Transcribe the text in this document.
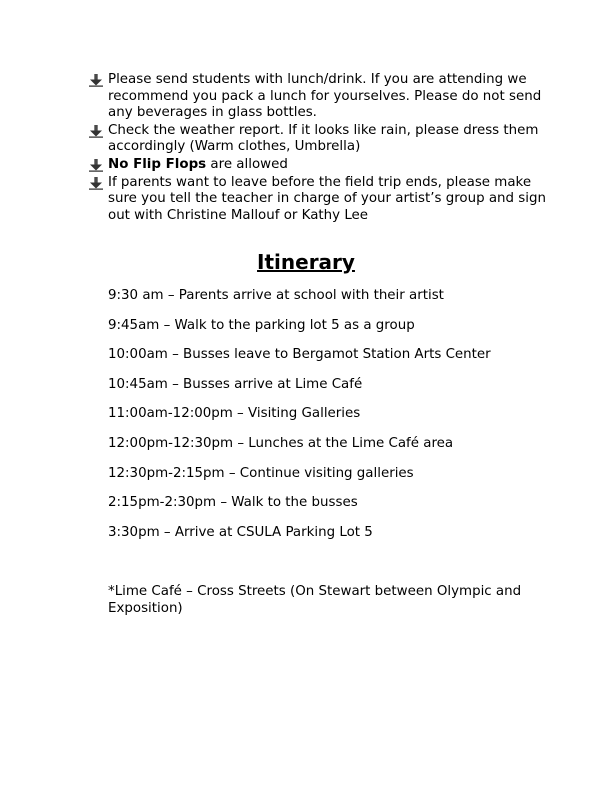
Please send students with lunch/drink. If you are attending we recommend you pack a lunch for yourselves. Please do not send any beverages in glass bottles.
Check the weather report. If it looks like rain, please dress them accordingly (Warm clothes, Umbrella)
No Flip Flops are allowed
If parents want to leave before the field trip ends, please make sure you tell the teacher in charge of your artist’s group and sign out with Christine Mallouf or Kathy Lee
Itinerary
9:30 am – Parents arrive at school with their artist
9:45am – Walk to the parking lot 5 as a group
10:00am – Busses leave to Bergamot Station Arts Center
10:45am – Busses arrive at Lime Café
11:00am-12:00pm – Visiting Galleries
12:00pm-12:30pm – Lunches at the Lime Café area
12:30pm-2:15pm – Continue visiting galleries
2:15pm-2:30pm – Walk to the busses
3:30pm – Arrive at CSULA Parking Lot 5
*Lime Café – Cross Streets (On Stewart between Olympic and Exposition)
